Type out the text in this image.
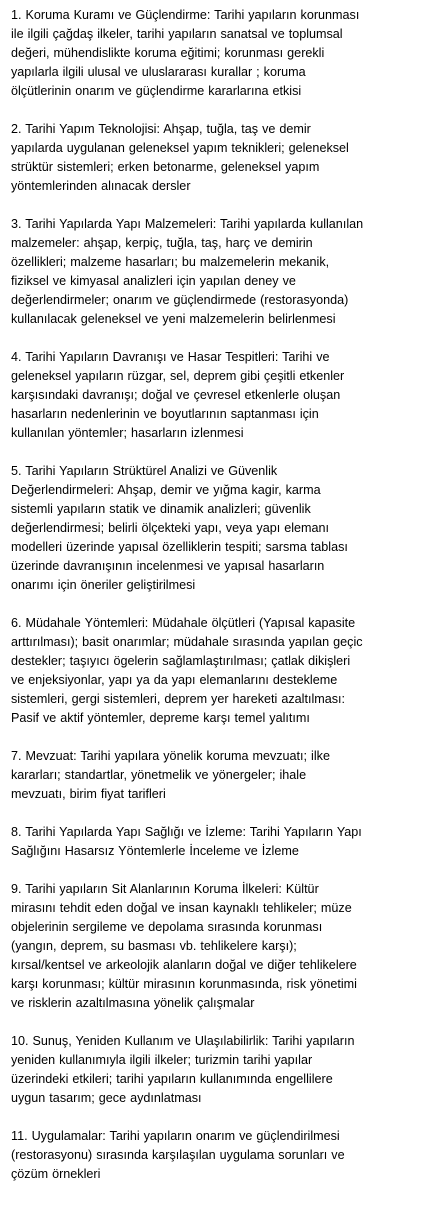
1. Koruma Kuramı ve Güçlendirme: Tarihi yapıların korunması
ile ilgili çağdaş ilkeler, tarihi yapıların sanatsal ve toplumsal
değeri, mühendislikte koruma eğitimi; korunması gerekli
yapılarla ilgili ulusal ve uluslararası kurallar ; koruma
ölçütlerinin onarım ve güçlendirme kararlarına etkisi

2. Tarihi Yapım Teknolojisi: Ahşap, tuğla, taş ve demir
yapılarda uygulanan geleneksel yapım teknikleri; geleneksel
strüktür sistemleri; erken betonarme, geleneksel yapım
yöntemlerinden alınacak dersler

3. Tarihi Yapılarda Yapı Malzemeleri: Tarihi yapılarda kullanılan
malzemeler: ahşap, kerpiç, tuğla, taş, harç ve demirin
özellikleri; malzeme hasarları; bu malzemelerin mekanik,
fiziksel ve kimyasal analizleri için yapılan deney ve
değerlendirmeler; onarım ve güçlendirmede (restorasyonda)
kullanılacak geleneksel ve yeni malzemelerin belirlenmesi

4. Tarihi Yapıların Davranışı ve Hasar Tespitleri: Tarihi ve
geleneksel yapıların rüzgar, sel, deprem gibi çeşitli etkenler
karşısındaki davranışı; doğal ve çevresel etkenlerle oluşan
hasarların nedenlerinin ve boyutlarının saptanması için
kullanılan yöntemler; hasarların izlenmesi

5. Tarihi Yapıların Strüktürel Analizi ve Güvenlik
Değerlendirmeleri: Ahşap, demir ve yığma kagir, karma
sistemli yapıların statik ve dinamik analizleri; güvenlik
değerlendirmesi; belirli ölçekteki yapı, veya yapı elemanı
modelleri üzerinde yapısal özelliklerin tespiti; sarsma tablası
üzerinde davranışının incelenmesi ve yapısal hasarların
onarımı için öneriler geliştirilmesi

6. Müdahale Yöntemleri: Müdahale ölçütleri (Yapısal kapasite
arttırılması); basit onarımlar; müdahale sırasında yapılan geçic
destekler; taşıyıcı ögelerin sağlamlaştırılması; çatlak dikişleri
ve enjeksiyonlar, yapı ya da yapı elemanlarını destekleme
sistemleri, gergi sistemleri, deprem yer hareketi azaltılması:
Pasif ve aktif yöntemler, depreme karşı temel yalıtımı

7. Mevzuat: Tarihi yapılara yönelik koruma mevzuatı; ilke
kararları; standartlar, yönetmelik ve yönergeler; ihale
mevzuatı, birim fiyat tarifleri

8. Tarihi Yapılarda Yapı Sağlığı ve İzleme: Tarihi Yapıların Yapı
Sağlığını Hasarsız Yöntemlerle İnceleme ve İzleme

9. Tarihi yapıların Sit Alanlarının Koruma İlkeleri: Kültür
mirasını tehdit eden doğal ve insan kaynaklı tehlikeler; müze
objelerinin sergileme ve depolama sırasında korunması
(yangın, deprem, su basması vb. tehlikelere karşı);
kırsal/kentsel ve arkeolojik alanların doğal ve diğer tehlikelere
karşı korunması; kültür mirasının korunmasında, risk yönetimi
ve risklerin azaltılmasına yönelik çalışmalar

10. Sunuş, Yeniden Kullanım ve Ulaşılabilirlik: Tarihi yapıların
yeniden kullanımıyla ilgili ilkeler; turizmin tarihi yapılar
üzerindeki etkileri; tarihi yapıların kullanımında engellilere
uygun tasarım; gece aydınlatması

11. Uygulamalar: Tarihi yapıların onarım ve güçlendirilmesi
(restorasyonu) sırasında karşılaşılan uygulama sorunları ve
çözüm örnekleri
